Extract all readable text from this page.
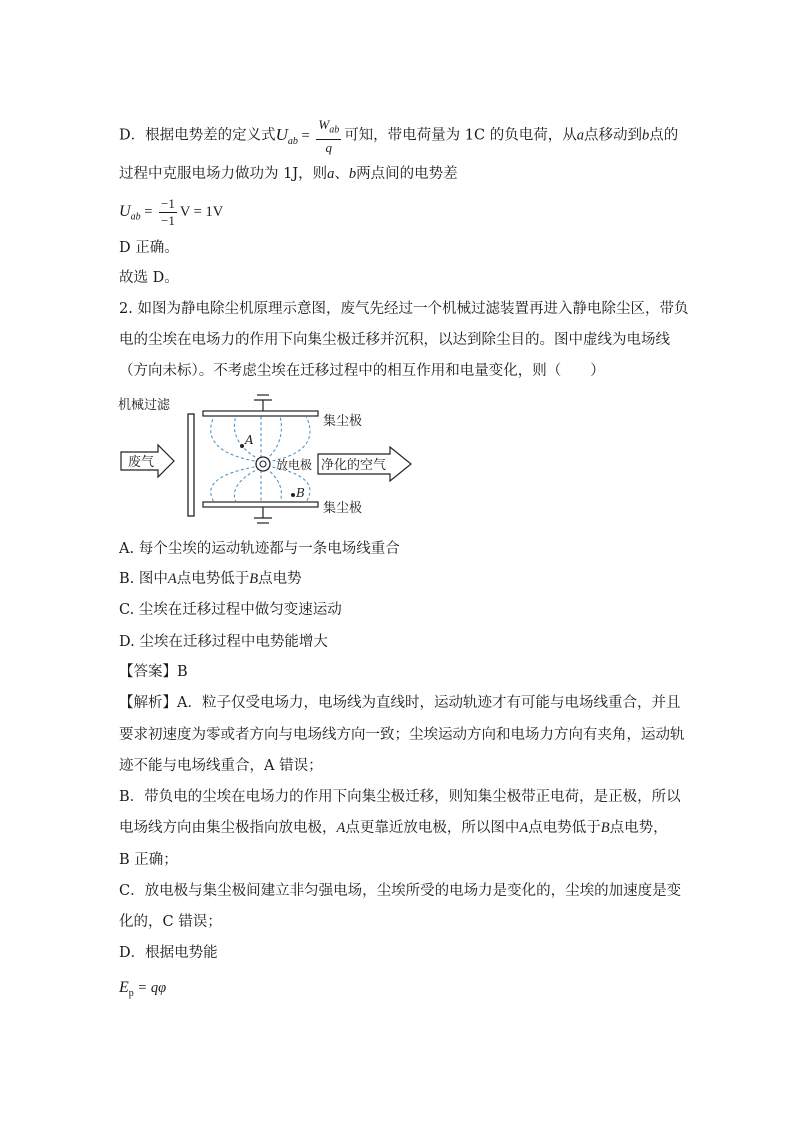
D．根据电势差的定义式$U_{ab} = \frac{W_{ab}}{q}$ 可知，带电荷量为 1C 的负电荷，从a点移动到b点的
过程中克服电场力做功为 1J，则a、b两点间的电势差
$U_{ab} = \frac{-1}{-1}$ V = 1V
D 正确。
故选 D。
2. 如图为静电除尘机原理示意图，废气先经过一个机械过滤装置再进入静电除尘区，带负
电的尘埃在电场力的作用下向集尘极迁移并沉积，以达到除尘目的。图中虚线为电场线
（方向未标）。不考虑尘埃在迁移过程中的相互作用和电量变化，则（　　）
机械过滤
集尘极
集尘极
放电极
A
B
废气	净化的空气
A. 每个尘埃的运动轨迹都与一条电场线重合
B. 图中A点电势低于B点电势
C. 尘埃在迁移过程中做匀变速运动
D. 尘埃在迁移过程中电势能增大
【答案】B
【解析】A．粒子仅受电场力，电场线为直线时，运动轨迹才有可能与电场线重合，并且
要求初速度为零或者方向与电场线方向一致；尘埃运动方向和电场力方向有夹角，运动轨
迹不能与电场线重合，A 错误；
B．带负电的尘埃在电场力的作用下向集尘极迁移，则知集尘极带正电荷，是正极，所以
电场线方向由集尘极指向放电极，A点更靠近放电极，所以图中A点电势低于B点电势，
B 正确；
C．放电极与集尘极间建立非匀强电场，尘埃所受的电场力是变化的，尘埃的加速度是变
化的，C 错误；
D．根据电势能
$E_p = q\varphi$
